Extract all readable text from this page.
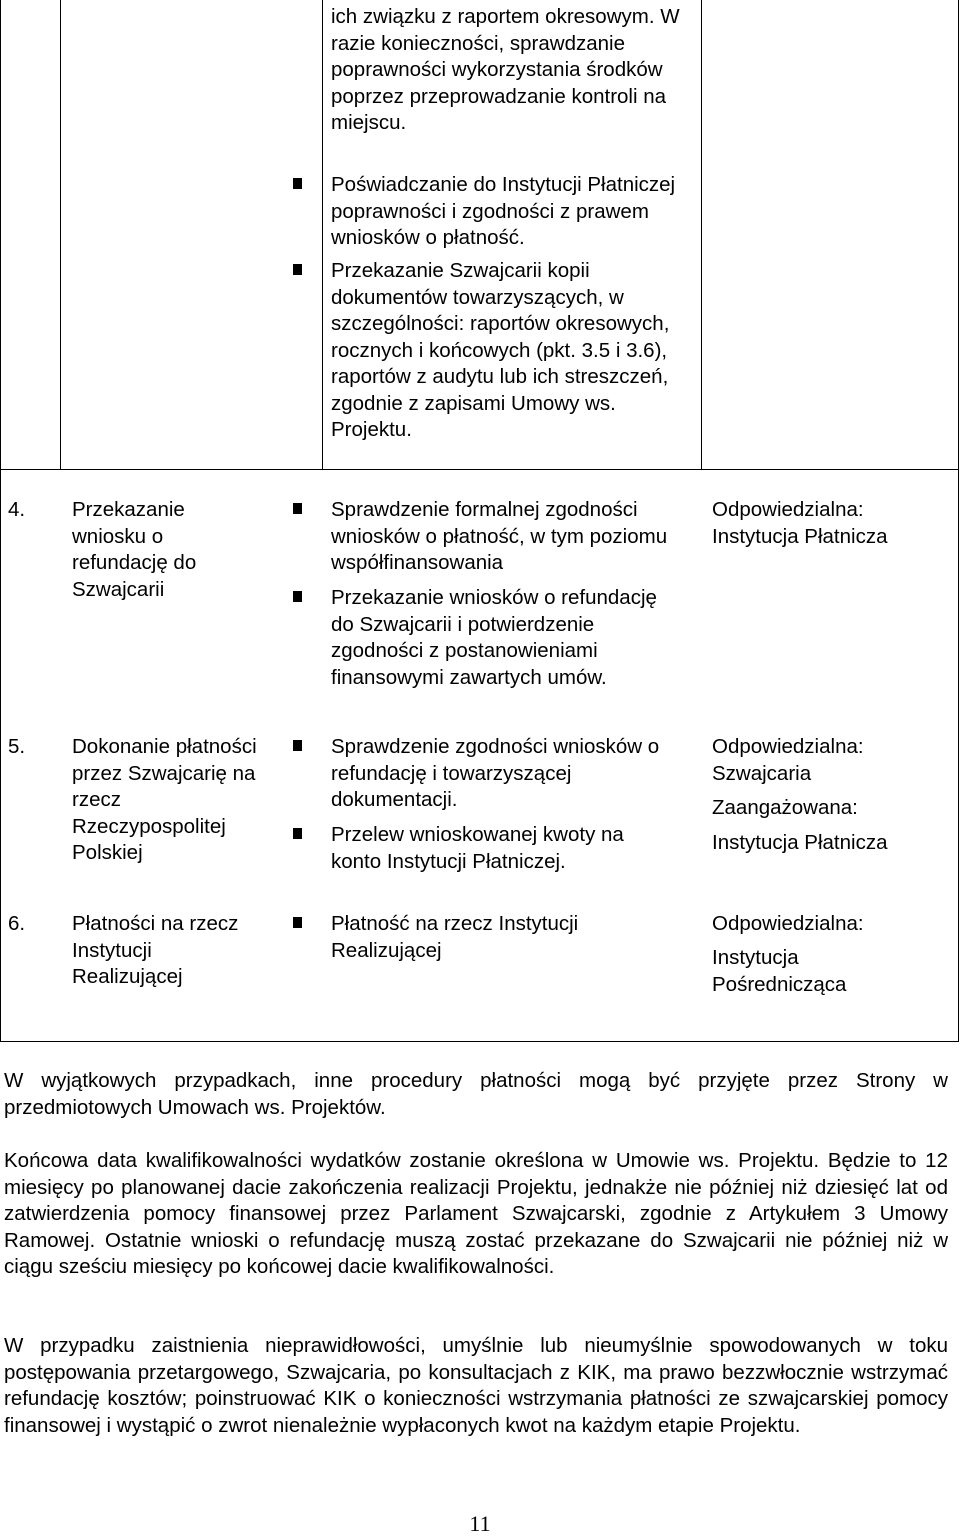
ich związku z raportem okresowym. W razie konieczności, sprawdzanie poprawności wykorzystania środków poprzez przeprowadzanie kontroli na miejscu.
Poświadczanie do Instytucji Płatniczej poprawności i zgodności z prawem wniosków o płatność.
Przekazanie Szwajcarii kopii dokumentów towarzyszących, w szczególności: raportów okresowych, rocznych i końcowych (pkt. 3.5 i 3.6), raportów z audytu lub ich streszczeń, zgodnie z zapisami Umowy ws. Projektu.
4. Przekazanie wniosku o refundację do Szwajcarii
Sprawdzenie formalnej zgodności wniosków o płatność, w tym poziomu współfinansowania
Przekazanie wniosków o refundację do Szwajcarii i potwierdzenie zgodności z postanowieniami finansowymi zawartych umów.
Odpowiedzialna:
Instytucja Płatnicza
5. Dokonanie płatności przez Szwajcarię na rzecz Rzeczypospolitej Polskiej
Sprawdzenie zgodności wniosków o refundację i towarzyszącej dokumentacji.
Przelew wnioskowanej kwoty na konto Instytucji Płatniczej.
Odpowiedzialna:
Szwajcaria
Zaangażowana:
Instytucja Płatnicza
6. Płatności na rzecz Instytucji Realizującej
Płatność na rzecz Instytucji Realizującej
Odpowiedzialna:
Instytucja Pośrednicząca
W wyjątkowych przypadkach, inne procedury płatności mogą być przyjęte przez Strony w przedmiotowych Umowach ws. Projektów.
Końcowa data kwalifikowalności wydatków zostanie określona w Umowie ws. Projektu. Będzie to 12 miesięcy po planowanej dacie zakończenia realizacji Projektu, jednakże nie później niż dziesięć lat od zatwierdzenia pomocy finansowej przez Parlament Szwajcarski, zgodnie z Artykułem 3 Umowy Ramowej. Ostatnie wnioski o refundację muszą zostać przekazane do Szwajcarii nie później niż w ciągu sześciu miesięcy po końcowej dacie kwalifikowalności.
W przypadku zaistnienia nieprawidłowości, umyślnie lub nieumyślnie spowodowanych w toku postępowania przetargowego, Szwajcaria, po konsultacjach z KIK, ma prawo bezzwłocznie wstrzymać refundację kosztów; poinstruować KIK o konieczności wstrzymania płatności ze szwajcarskiej pomocy finansowej i wystąpić o zwrot nienależnie wypłaconych kwot na każdym etapie Projektu.
11
